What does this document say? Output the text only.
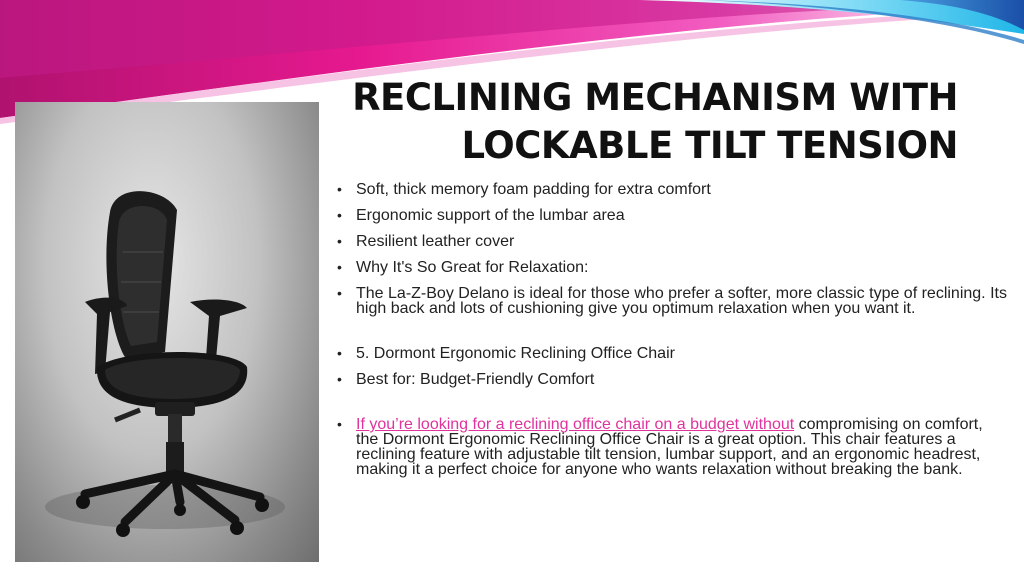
RECLINING MECHANISM WITH
LOCKABLE TILT TENSION
• Soft, thick memory foam padding for extra comfort
• Ergonomic support of the lumbar area
• Resilient leather cover
• Why It's So Great for Relaxation:
• The La-Z-Boy Delano is ideal for those who prefer a softer, more classic type of reclining. Its high back and lots of cushioning give you optimum relaxation when you want it.
• 5. Dormont Ergonomic Reclining Office Chair
• Best for: Budget-Friendly Comfort
• If you’re looking for a reclining office chair on a budget without compromising on comfort, the Dormont Ergonomic Reclining Office Chair is a great option. This chair features a reclining feature with adjustable tilt tension, lumbar support, and an ergonomic headrest, making it a perfect choice for anyone who wants relaxation without breaking the bank.
